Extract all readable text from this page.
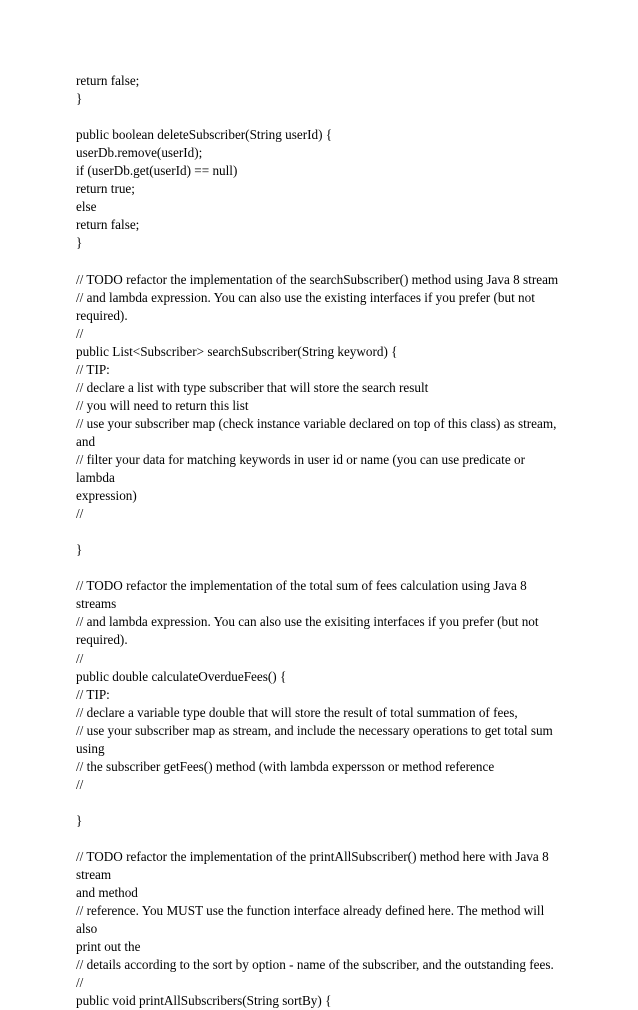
return false;
}
public boolean deleteSubscriber(String userId) {
userDb.remove(userId);
if (userDb.get(userId) == null)
return true;
else
return false;
}
// TODO refactor the implementation of the searchSubscriber() method using Java 8 stream
// and lambda expression. You can also use the existing interfaces if you prefer (but not
required).
//
public List<Subscriber> searchSubscriber(String keyword) {
// TIP:
// declare a list with type subscriber that will store the search result
// you will need to return this list
// use your subscriber map (check instance variable declared on top of this class) as stream, and
// filter your data for matching keywords in user id or name (you can use predicate or lambda
expression)
//
}
// TODO refactor the implementation of the total sum of fees calculation using Java 8 streams
// and lambda expression. You can also use the exisiting interfaces if you prefer (but not
required).
//
public double calculateOverdueFees() {
// TIP:
// declare a variable type double that will store the result of total summation of fees,
// use your subscriber map as stream, and include the necessary operations to get total sum using
// the subscriber getFees() method (with lambda expersson or method reference
//
}
// TODO refactor the implementation of the printAllSubscriber() method here with Java 8 stream
and method
// reference. You MUST use the function interface already defined here. The method will also
print out the
// details according to the sort by option - name of the subscriber, and the outstanding fees.
//
public void printAllSubscribers(String sortBy) {
